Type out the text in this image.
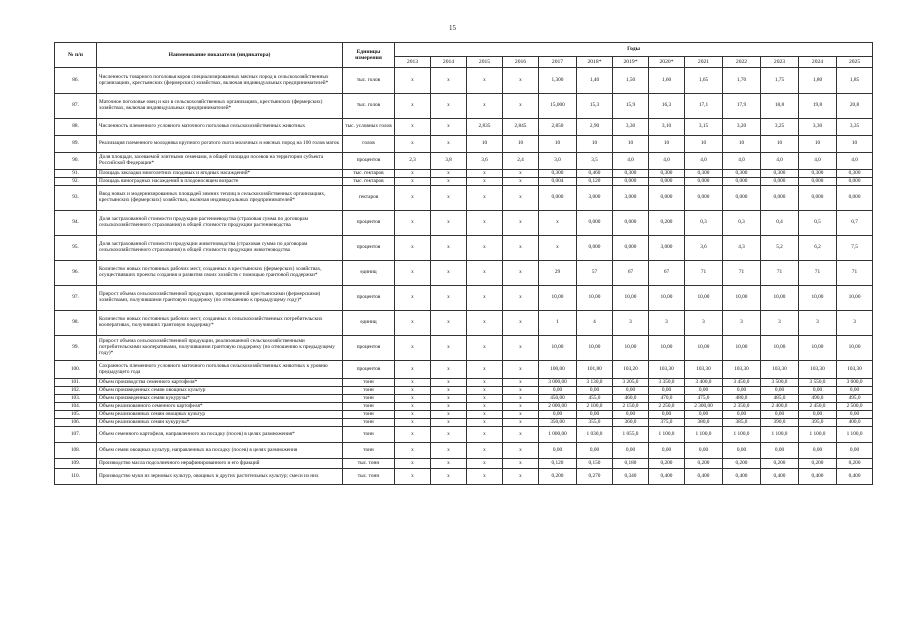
15
№ п/п	Наименование показателя (индикатора)	Единицы измерения	Годы												
			2013	2014	2015	2016	2017	2018*	2019*	2020*	2021	2022	2023	2024	2025
86.	Численность товарного поголовья коров специализированных мясных пород в сельскохозяйственных организациях, крестьянских (фермерских) хозяйствах, включая индивидуальных предпринимателей*	тыс. голов	х	х	х	х	1,300	1,40	1,50	1,60	1,65	1,70	1,75	1,80	1,85
87.	Маточное поголовье овец и коз в сельскохозяйственных организациях, крестьянских (фермерских) хозяйствах, включая индивидуальных предпринимателей*	тыс. голов	х	х	х	х	15,000	15,3	15,9	16,3	17,1	17,9	18,8	19,8	20,8
88.	Численность племенного условного маточного поголовья сельскохозяйственных животных	тыс. условных голов	х	х	2,835	2,845	2,850	2,90	3,30	3,10	3,15	3,20	3,25	3,30	3,35
89.	Реализация племенного молодняка крупного рогатого скота молочных и мясных пород на 100 голов маток	голов	х	х	10	10	10	10	10	10	10	10	10	10	10
90.	Доля площади, засеваемой элитными семенами, в общей площади посевов на территории субъекта Российской Федерации*	процентов	2,3	3,8	3,6	2,4	3,0	3,5	4,0	4,0	4,0	4,0	4,0	4,0	4,0
91.	Площадь закладки многолетних плодовых и ягодных насаждений*	тыс. гектаров	х	х	х	х	0,300	0,460	0,300	0,300	0,300	0,300	0,300	0,300	0,300
92.	Площадь виноградных насаждений в плодоносящем возрасте	тыс. гектаров	х	х	х	х	0,004	0,120	0,000	0,000	0,000	0,000	0,000	0,000	0,000
93.	Ввод новых и модернизированных площадей зимних теплиц в сельскохозяйственных организациях, крестьянских (фермерских) хозяйствах, включая индивидуальных предпринимателей*	гектаров	х	х	х	х	0,000	3,000	3,000	0,000	0,000	0,000	0,000	0,000	0,000
94.	Доля застрахованной стоимости продукции растениеводства (страховая сумма по договорам сельскохозяйственного страхования) в общей стоимости продукции растениеводства	процентов	х	х	х	х	х	0,000	0,000	0,200	0,3	0,3	0,4	0,5	0,7
95.	Доля застрахованной стоимости продукции животноводства (страховая сумма по договорам сельскохозяйственного страхования) в общей стоимости продукции животноводства	процентов	х	х	х	х	х	0,000	0,000	3,000	3,6	4,3	5,2	6,2	7,5
96.	Количество новых постоянных рабочих мест, созданных в крестьянских (фермерских) хозяйствах, осуществивших проекты создания и развития своих хозяйств с помощью грантовой поддержки*	единиц	х	х	х	х	29	57	67	67	71	71	71	71	71
97.	Прирост объема сельскохозяйственной продукции, произведенной крестьянскими (фермерскими) хозяйствами, получившими грантовую поддержку (по отношению к предыдущему году)*	процентов	х	х	х	х	10,00	10,00	10,00	10,00	10,00	10,00	10,00	10,00	10,00
98.	Количество новых постоянных рабочих мест, созданных в сельскохозяйственных потребительских кооперативах, получивших грантовую поддержку*	единиц	х	х	х	х	1	4	3	3	3	3	3	3	3
99.	Прирост объема сельскохозяйственной продукции, реализованной сельскохозяйственными потребительскими кооперативами, получившими грантовую поддержку (по отношению к предыдущему году)*	процентов	х	х	х	х	10,00	10,00	10,00	10,00	10,00	10,00	10,00	10,00	10,00
100.	Сохранность племенного условного маточного поголовья сельскохозяйственных животных к уровню предыдущего года	процентов	х	х	х	х	100,00	101,80	103,20	103,30	103,30	103,30	103,30	103,30	103,30
101.	Объем производства семенного картофеля*	тонн	х	х	х	х	3 000,00	3 130,0	3 205,0	3 350,0	3 400,0	3 450,0	3 500,0	3 550,0	3 600,0
102.	Объем произведенных семян овощных культур	тонн	х	х	х	х	0,00	0,00	0,00	0,00	0,00	0,00	0,00	0,00	0,00
103.	Объем произведенных семян кукурузы*	тонн	х	х	х	х	450,00	455,0	460,0	470,0	475,0	480,0	485,0	490,0	495,0
104.	Объем реализованного семенного картофеля*	тонн	х	х	х	х	2 000,00	2 100,0	2 150,0	2 250,0	2 300,00	2 350,0	2 400,0	2 450,0	2 500,0
105.	Объем реализованных семян овощных культур	тонн	х	х	х	х	0,00	0,00	0,00	0,00	0,00	0,00	0,00	0,00	0,00
106.	Объем реализованных семян кукурузы*	тонн	х	х	х	х	350,00	355,0	360,0	375,0	380,0	385,0	390,0	395,0	400,0
107.	Объем семенного картофеля, направленного на посадку (посев) в целях размножения*	тонн	х	х	х	х	1 000,00	1 030,0	1 055,0	1 100,0	1 100,0	1 100,0	1 100,0	1 100,0	1 100,0
108.	Объем семян овощных культур, направленных на посадку (посев) в целях размножения	тонн	х	х	х	х	0,00	0,00	0,00	0,00	0,00	0,00	0,00	0,00	0,00
109.	Производство масла подсолнечного нерафинированного и его фракций	тыс. тонн	х	х	х	х	0,120	0,150	0,180	0,200	0,200	0,200	0,200	0,200	0,200
110.	Производство муки из зерновых культур, овощных и других растительных культур; смеси из них	тыс. тонн	х	х	х	х	0,200	0,270	0,340	0,400	0,400	0,400	0,400	0,400	0,400
